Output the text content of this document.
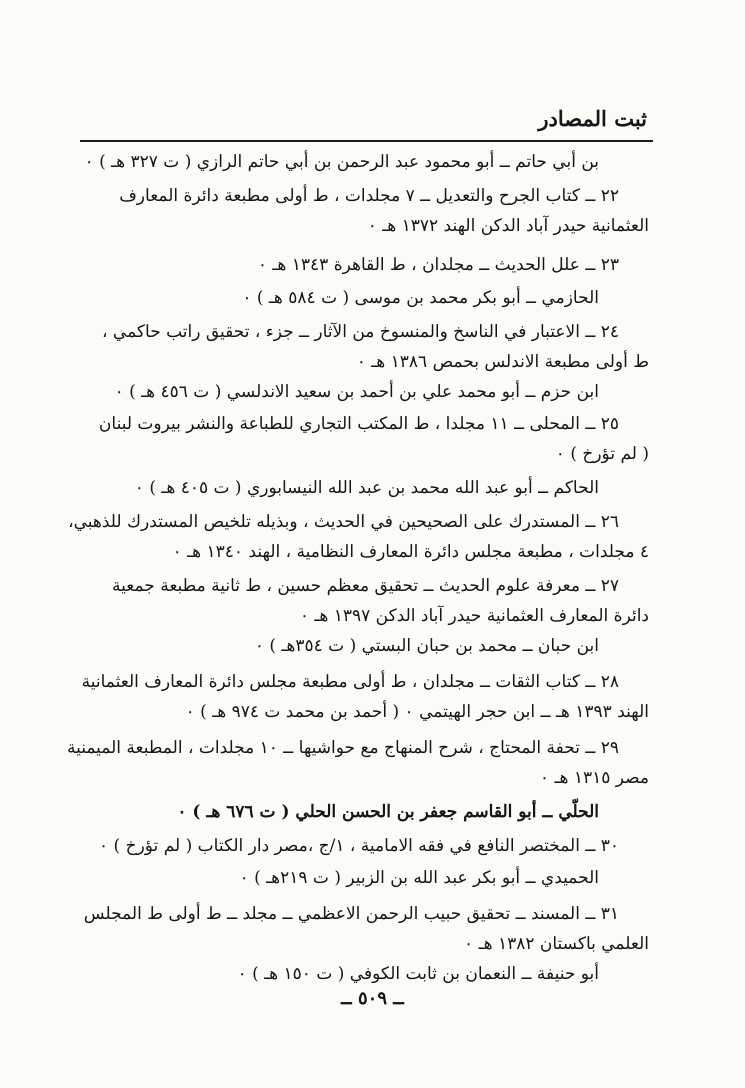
ثبت المصادر
بن أبي حاتم ــ أبو محمود عبد الرحمن بن أبي حاتم الرازي ( ت ٣٢٧ هـ ) ٠
٢٢ ــ كتاب الجرح والتعديل ــ ٧ مجلدات ، ط أولى مطبعة دائرة المعارف
العثمانية حيدر آباد الدكن الهند ١٣٧٢ هـ ٠
٢٣ ــ علل الحديث ــ مجلدان ، ط القاهرة ١٣٤٣ هـ ٠
الحازمي ــ أبو بكر محمد بن موسى ( ت ٥٨٤ هـ ) ٠
٢٤ ــ الاعتبار في الناسخ والمنسوخ من الآثار ــ جزء ، تحقيق راتب حاكمي ،
ط أولى مطبعة الاندلس بحمص ١٣٨٦ هـ ٠
ابن حزم ــ أبو محمد علي بن أحمد بن سعيد الاندلسي ( ت ٤٥٦ هـ ) ٠
٢٥ ــ المحلى ــ ١١ مجلدا ، ط المكتب التجاري للطباعة والنشر بيروت لبنان
( لم تؤرخ ) ٠
الحاكم ــ أبو عبد الله محمد بن عبد الله النيسابوري ( ت ٤٠٥ هـ ) ٠
٢٦ ــ المستدرك على الصحيحين في الحديث ، وبذيله تلخيص المستدرك للذهبي،
٤ مجلدات ، مطبعة مجلس دائرة المعارف النظامية ، الهند ١٣٤٠ هـ ٠
٢٧ ــ معرفة علوم الحديث ــ تحقيق معظم حسين ، ط ثانية مطبعة جمعية
دائرة المعارف العثمانية حيدر آباد الدكن ١٣٩٧ هـ ٠
ابن حبان ــ محمد بن حبان البستي ( ت ٣٥٤هـ ) ٠
٢٨ ــ كتاب الثقات ــ مجلدان ، ط أولى مطبعة مجلس دائرة المعارف العثمانية
الهند ١٣٩٣ هـ ــ ابن حجر الهيتمي ٠ ( أحمد بن محمد ت ٩٧٤ هـ ) ٠
٢٩ ــ تحفة المحتاج ، شرح المنهاج مع حواشيها ــ ١٠ مجلدات ، المطبعة الميمنية
مصر ١٣١٥ هـ ٠
الحلّي ــ أبو القاسم جعفر بن الحسن الحلي ( ت ٦٧٦ هـ ) ٠
٣٠ ــ المختصر النافع في فقه الامامية ، ١/ج ،مصر دار الكتاب ( لم تؤرخ ) ٠
الحميدي ــ أبو بكر عبد الله بن الزبير ( ت ٢١٩هـ ) ٠
٣١ ــ المسند ــ تحقيق حبيب الرحمن الاعظمي ــ مجلد ــ ط أولى ط المجلس
العلمي باكستان ١٣٨٢ هـ ٠
أبو حنيفة ــ النعمان بن ثابت الكوفي ( ت ١٥٠ هـ ) ٠
ــ ٥٠٩ ــ
